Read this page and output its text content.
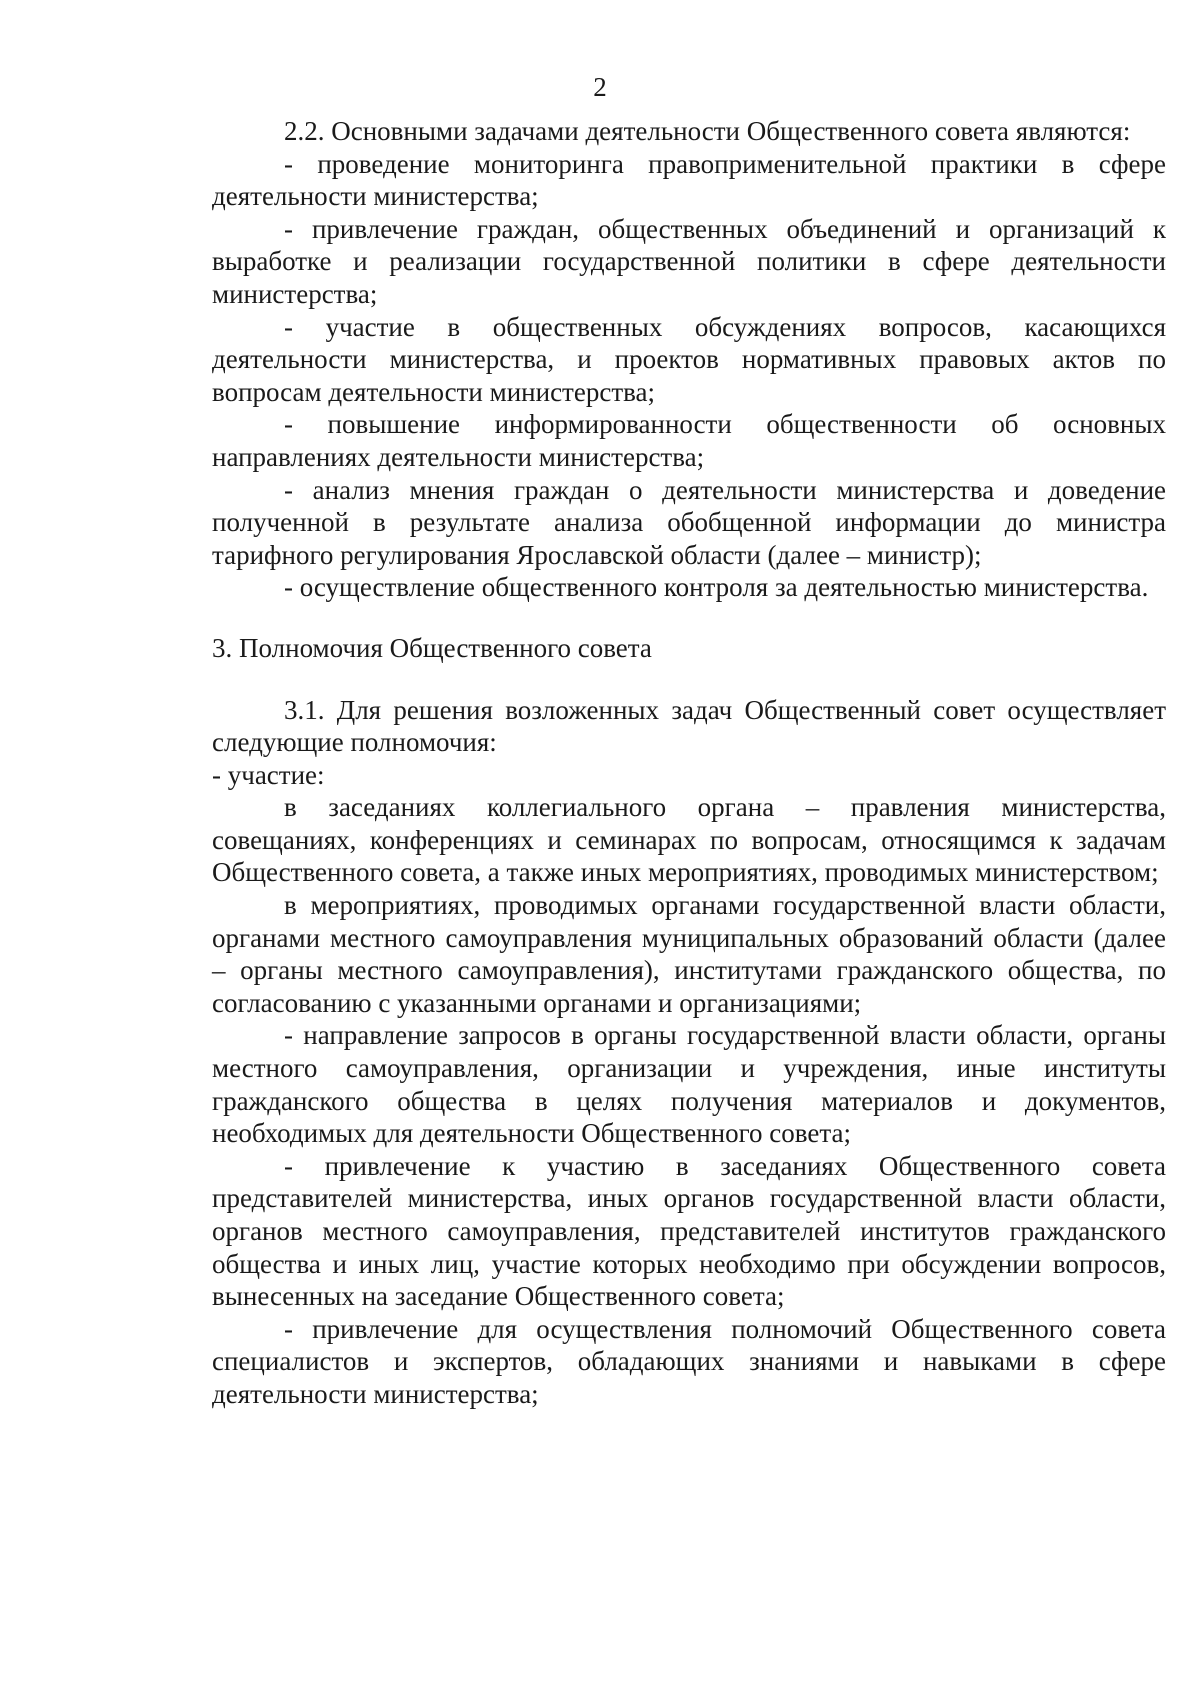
2

2.2. Основными задачами деятельности Общественного совета являются:

- проведение мониторинга правоприменительной практики в сфере деятельности министерства;

- привлечение граждан, общественных объединений и организаций к выработке и реализации государственной политики в сфере деятельности министерства;

- участие в общественных обсуждениях вопросов, касающихся деятельности министерства, и проектов нормативных правовых актов по вопросам деятельности министерства;

- повышение информированности общественности об основных направлениях деятельности министерства;

- анализ мнения граждан о деятельности министерства и доведение полученной в результате анализа обобщенной информации до министра тарифного регулирования Ярославской области (далее – министр);

- осуществление общественного контроля за деятельностью министерства.

3. Полномочия Общественного совета

3.1. Для решения возложенных задач Общественный совет осуществляет следующие полномочия:

- участие:

в заседаниях коллегиального органа – правления министерства, совещаниях, конференциях и семинарах по вопросам, относящимся к задачам Общественного совета, а также иных мероприятиях, проводимых министерством;

в мероприятиях, проводимых органами государственной власти области, органами местного самоуправления муниципальных образований области (далее – органы местного самоуправления), институтами гражданского общества, по согласованию с указанными органами и организациями;

- направление запросов в органы государственной власти области, органы местного самоуправления, организации и учреждения, иные институты гражданского общества в целях получения материалов и документов, необходимых для деятельности Общественного совета;

- привлечение к участию в заседаниях Общественного совета представителей министерства, иных органов государственной власти области, органов местного самоуправления, представителей институтов гражданского общества и иных лиц, участие которых необходимо при обсуждении вопросов, вынесенных на заседание Общественного совета;

- привлечение для осуществления полномочий Общественного совета специалистов и экспертов, обладающих знаниями и навыками в сфере деятельности министерства;
